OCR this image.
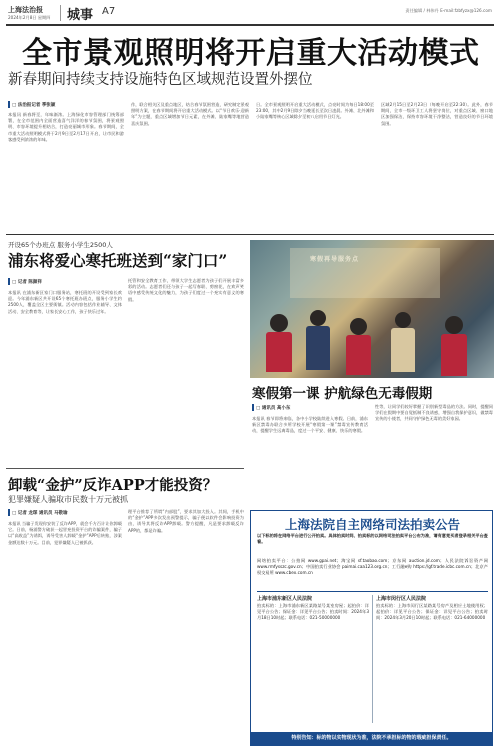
上海法治报
2024年2月8日 星期四 城事 A7	责任编辑 / 林伟丹 E-mail:fzbfyzx@126.com
全市景观照明将开启重大活动模式
新春期间持续支持设施特色区域规范设置外摆位
□ 法治报记者 季张颖
本报讯 新春将至，年味渐浓。上海绿化市容管理部门统筹部署，在全市范围内全面营造喜气洋洋的春节氛围，将景观照明、市容环境提升相结合，打造亮丽城市形象。春节期间，全市重大活动照明模式将于2月9日至2月17日开启，让市民和游客感受到浓浓的年味。
作，联合相关区及重点地区，结合春节氛围营造，研究制定景观照明方案，在春节期间将开启重大活动模式。以“节日欢乐·迎新年”为主题，重点区域增加节日元素，在外滩、陆家嘴等地营造喜庆氛围。
日。全市景观照明开启重大活动模式，点亮时间为每日18:00至23:00，其中2月9日除夕当晚延长至次日凌晨。外滩、北外滩和小陆家嘴等核心区域除夕至初八启用节日灯光。
区域2月15日至2月23日（每晚开启至22:30）。此外，春节期间，全市一级环卫工人将坚守岗位，对重点区域、窗口地区加强保洁，保持市容环境干净整洁，营造良好的节日环境氛围。
开设65个办班点 服务小学生2500人
浦东将爱心寒托班送到“家门口”
□ 记者 陈颜祥
本报讯 在浦东新区家门口服务站，寒托班的开设受到家长欢迎。今年浦东新区共开设65个寒托班办班点，服务小学生约2500人，覆盖全区主要街镇。活动内容包括作业辅导、文体活动、安全教育等，让家长安心工作，孩子快乐过年。
托管和安全教育工作，带领大学生志愿者为孩子们开展丰富多彩的活动。志愿者们还与孩子一起写春联、剪窗花，在欢声笑语中感受传统文化的魅力，为孩子们度过一个充实有意义的寒假。
寒假再导服务点
寒假第一课 护航绿色无毒假期
□ 通讯员 高小东
本报讯 春节即将来临，各中小学校陆续进入寒假。日前，浦东新区禁毒办联合多所学校开展“寒假第一课”禁毒宣传教育活动，提醒学生远离毒品，度过一个平安、健康、快乐的寒假。
性等，让同学们较好掌握了识别新型毒品的方法。同时，提醒同学们在假期中要自觉抵制不良诱惑，增强自我保护意识，做禁毒宣传的小使者，共同守护绿色无毒的美好家园。
卸载“金护”反诈APP才能投资？
犯罪嫌疑人骗取市民数十万元被抓
□ 记者 龙琛 通讯员 马敬瑜
本报讯 当骗子发现你安装了反诈APP，就会千方百计让你卸载它。日前，杨浦警方破获一起冒充投资平台的诈骗案件，骗子以“高收益”为诱饵，诱导受害人卸载“金护”APP后转账，涉案金额达数十万元。目前，犯罪嫌疑人已被抓获。
理平台推荐了所谓“内部股”，要求其加大投入。其间，手机中的“金护”APP多次发出预警提示，骗子便以软件会影响投资为由，诱导其将反诈APP卸载。警方提醒，凡是要求卸载反诈APP的，都是诈骗。	上海法院自主网络司法拍卖公告
以下标的将在网络平台进行公开拍卖。具体拍卖时间、拍卖标的以网络司法拍卖平台公布为准，请有意竞买者登录相关平台查看。
网络拍卖平台：公拍网 www.gpai.net；淘宝网 sf.taobao.com；京东网 auction.jd.com；人民法院诉讼资产网 www.rmfysszc.gov.cn；中国拍卖行业协会 paimai.caa123.org.cn；工行融e购 https://gf.trade.icbc.com.cn；北京产权交易所 www.cbex.com.cn
上海市浦东新区人民法院
拍卖标的：上海市浦东新区某路某号某室房屋；起拍价：详见平台公告；保证金：详见平台公告；拍卖时间：2024年3月18日10时起；联系电话：021-50000000
上海市闵行区人民法院
拍卖标的：上海市闵行区某路某号房产及相应土地使用权；起拍价：详见平台公告；保证金：详见平台公告；拍卖时间：2024年3月20日10时起；联系电话：021-64000000
特别告知：标的物以实物现状为准，法院不承担标的物的瑕疵担保责任。
